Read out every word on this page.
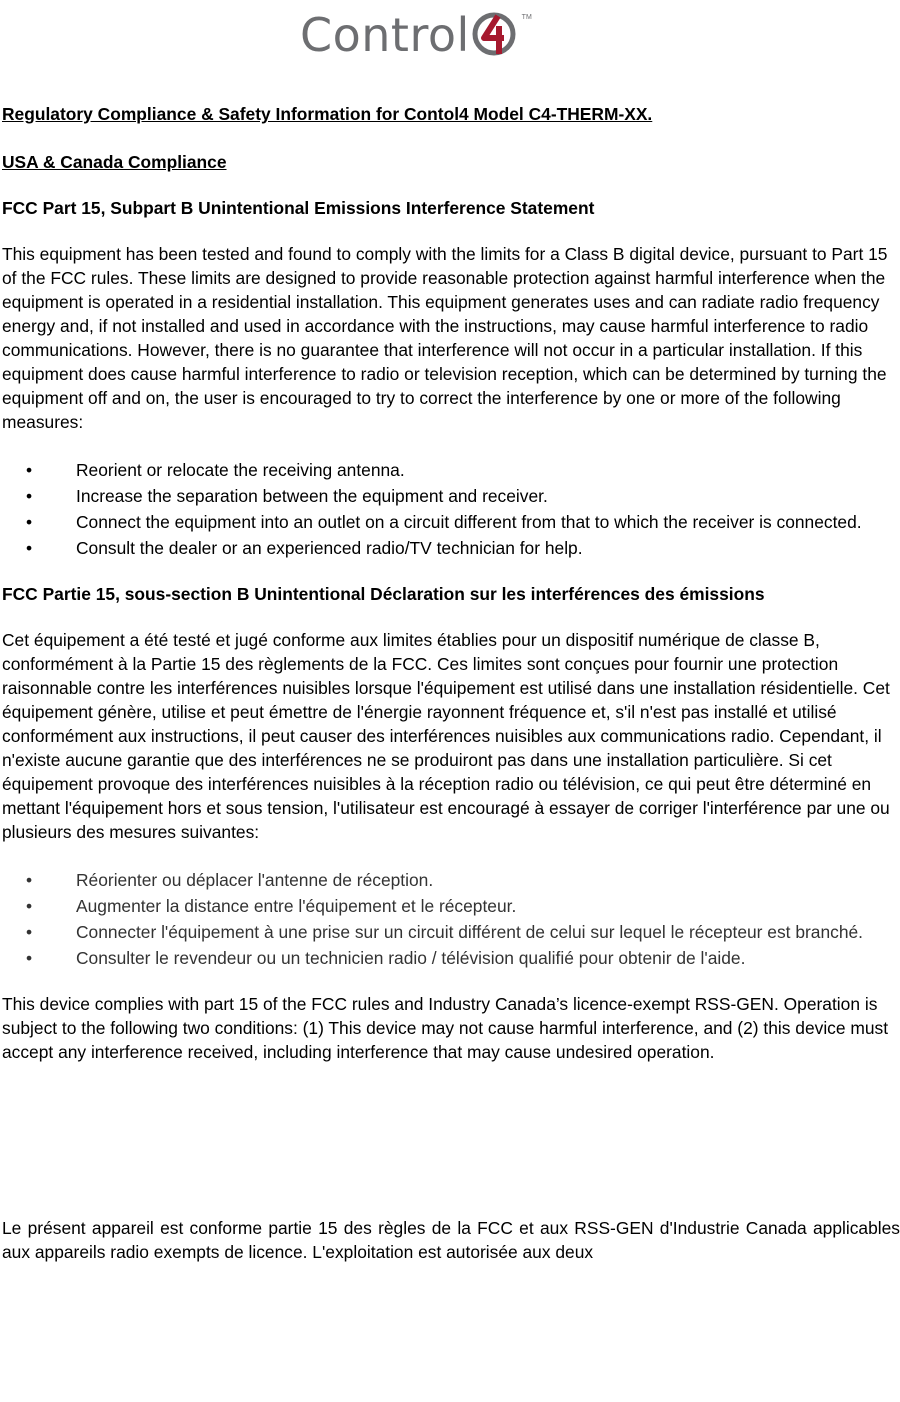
Control	TM
Regulatory Compliance & Safety Information for Contol4 Model C4-THERM-XX.
USA & Canada Compliance
FCC Part 15, Subpart B Unintentional Emissions Interference Statement

This equipment has been tested and found to comply with the limits for a Class B digital device, pursuant to Part 15 of the FCC rules. These limits are designed to provide reasonable protection against harmful interference when the equipment is operated in a residential installation. This equipment generates uses and can radiate radio frequency energy and, if not installed and used in accordance with the instructions, may cause harmful interference to radio communications. However, there is no guarantee that interference will not occur in a particular installation. If this equipment does cause harmful interference to radio or television reception, which can be determined by turning the equipment off and on, the user is encouraged to try to correct the interference by one or more of the following measures:

• Reorient or relocate the receiving antenna.
• Increase the separation between the equipment and receiver.
• Connect the equipment into an outlet on a circuit different from that to which the receiver is connected.
• Consult the dealer or an experienced radio/TV technician for help.
FCC Partie 15, sous-section B Unintentional Déclaration sur les interférences des émissions

Cet équipement a été testé et jugé conforme aux limites établies pour un dispositif numérique de classe B, conformément à la Partie 15 des règlements de la FCC. Ces limites sont conçues pour fournir une protection raisonnable contre les interférences nuisibles lorsque l'équipement est utilisé dans une installation résidentielle. Cet équipement génère, utilise et peut émettre de l'énergie rayonnent fréquence et, s'il n'est pas installé et utilisé conformément aux instructions, il peut causer des interférences nuisibles aux communications radio. Cependant, il n'existe aucune garantie que des interférences ne se produiront pas dans une installation particulière. Si cet équipement provoque des interférences nuisibles à la réception radio ou télévision, ce qui peut être déterminé en mettant l'équipement hors et sous tension, l'utilisateur est encouragé à essayer de corriger l'interférence par une ou plusieurs des mesures suivantes:

• Réorienter ou déplacer l'antenne de réception.
• Augmenter la distance entre l'équipement et le récepteur.
• Connecter l'équipement à une prise sur un circuit différent de celui sur lequel le récepteur est branché.
• Consulter le revendeur ou un technicien radio / télévision qualifié pour obtenir de l'aide.

This device complies with part 15 of the FCC rules and Industry Canada’s licence-exempt RSS-GEN. Operation is subject to the following two conditions: (1) This device may not cause harmful interference, and (2) this device must accept any interference received, including interference that may cause undesired operation.

Le présent appareil est conforme partie 15 des règles de la FCC et aux RSS-GEN d'Industrie Canada applicables aux appareils radio exempts de licence. L'exploitation est autorisée aux deux
